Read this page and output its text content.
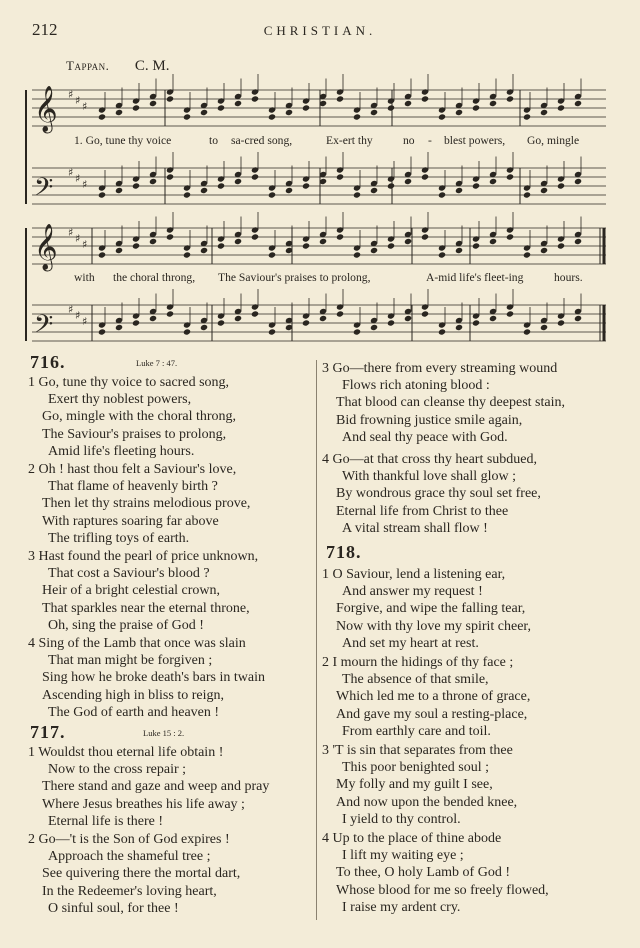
212	CHRISTIAN.
Tappan. C. M.
𝄞 ♯ ♯ ♯
𝄢
♯ ♯ ♯
𝄞 ♯ ♯ ♯
𝄢
♯ ♯ ♯
1. Go, tune thy voice	to sa-cred song,	Ex-ert thy	no - blest powers, Go, mingle
with the choral throng, The Saviour's praises to prolong,	A-mid life's fleet-ing	hours.
716.	Luke 7 : 47.
1 Go, tune thy voice to sacred song,
Exert thy noblest powers,
Go, mingle with the choral throng,
The Saviour's praises to prolong,
Amid life's fleeting hours.
2 Oh ! hast thou felt a Saviour's love,
That flame of heavenly birth ?
Then let thy strains melodious prove,
With raptures soaring far above
The trifling toys of earth.
3 Hast found the pearl of price unknown,
That cost a Saviour's blood ?
Heir of a bright celestial crown,
That sparkles near the eternal throne,
Oh, sing the praise of God !
4 Sing of the Lamb that once was slain
That man might be forgiven ;
Sing how he broke death's bars in twain
Ascending high in bliss to reign,
The God of earth and heaven !
717.	Luke 15 : 2.
1 Wouldst thou eternal life obtain !
Now to the cross repair ;
There stand and gaze and weep and pray
Where Jesus breathes his life away ;
Eternal life is there !
2 Go—'t is the Son of God expires !
Approach the shameful tree ;
See quivering there the mortal dart,
In the Redeemer's loving heart,
O sinful soul, for thee !
3 Go—there from every streaming wound
Flows rich atoning blood :
That blood can cleanse thy deepest stain,
Bid frowning justice smile again,
And seal thy peace with God.
4 Go—at that cross thy heart subdued,
With thankful love shall glow ;
By wondrous grace thy soul set free,
Eternal life from Christ to thee
A vital stream shall flow !
718.
1 O Saviour, lend a listening ear,
And answer my request !
Forgive, and wipe the falling tear,
Now with thy love my spirit cheer,
And set my heart at rest.
2 I mourn the hidings of thy face ;
The absence of that smile,
Which led me to a throne of grace,
And gave my soul a resting-place,
From earthly care and toil.
3 'T is sin that separates from thee
This poor benighted soul ;
My folly and my guilt I see,
And now upon the bended knee,
I yield to thy control.
4 Up to the place of thine abode
I lift my waiting eye ;
To thee, O holy Lamb of God !
Whose blood for me so freely flowed,
I raise my ardent cry.
